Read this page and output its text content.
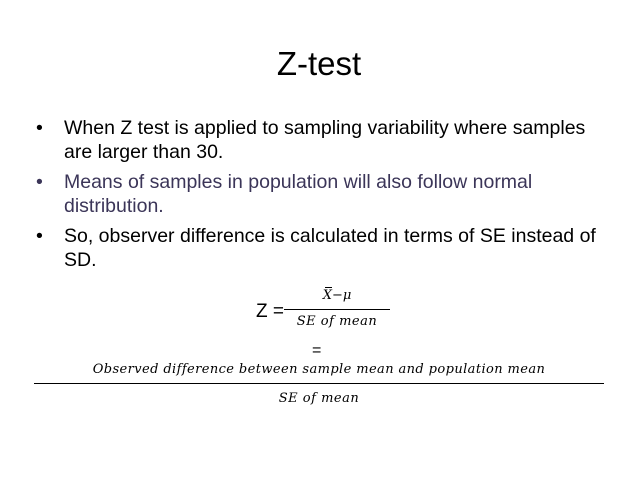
Z-test
• When Z test is applied to sampling variability where samples are larger than 30.
• Means of samples in population will also follow normal distribution.
• So, observer difference is calculated in terms of SE instead of SD.
Z =
X−μ
SE of mean
=
Observed difference between sample mean and population mean
SE of mean
